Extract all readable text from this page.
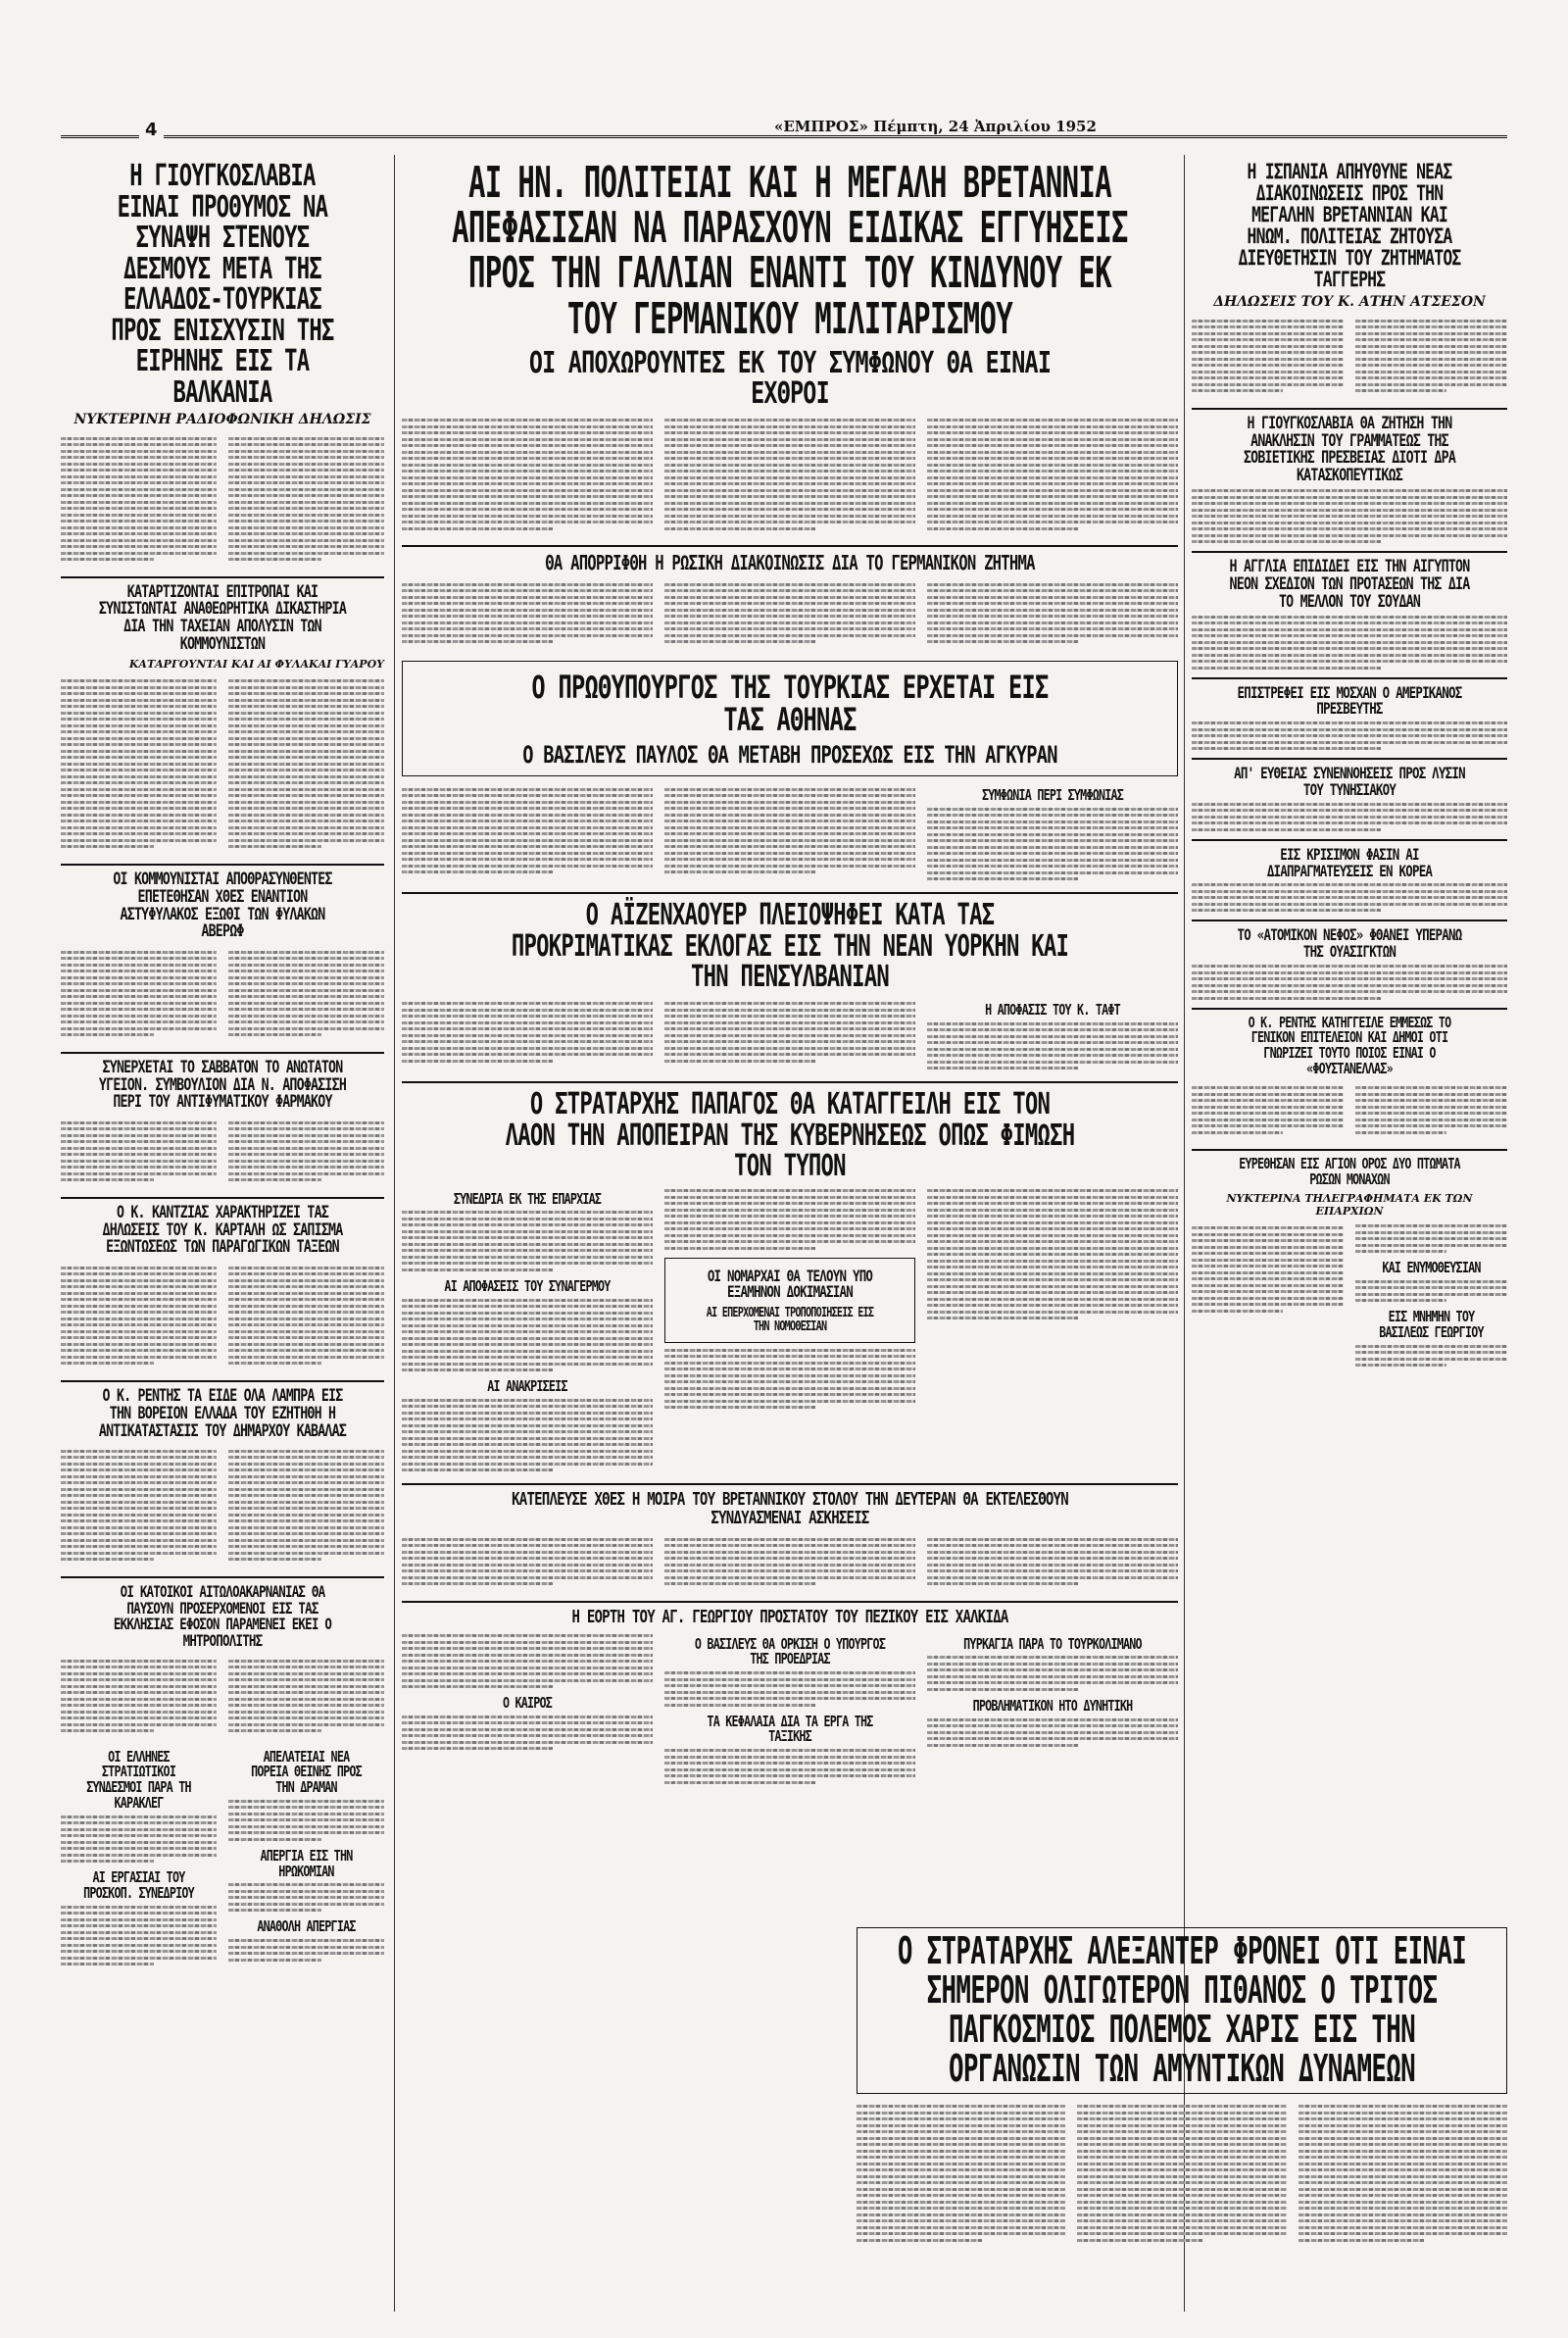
4	«ΕΜΠΡΟΣ» Πέμπτη, 24 Ἀπριλίου 1952
Η ΓΙΟΥΓΚΟΣΛΑΒΙΑ ΕΙΝΑΙ ΠΡΟΘΥΜΟΣ ΝΑ ΣΥΝΑΨΗ ΣΤΕΝΟΥΣ ΔΕΣΜΟΥΣ ΜΕΤΑ ΤΗΣ ΕΛΛΑΔΟΣ-ΤΟΥΡΚΙΑΣ ΠΡΟΣ ΕΝΙΣΧΥΣΙΝ ΤΗΣ ΕΙΡΗΝΗΣ ΕΙΣ ΤΑ ΒΑΛΚΑΝΙΑ
ΝΥΚΤΕΡΙΝΗ ΡΑΔΙΟΦΩΝΙΚΗ ΔΗΛΩΣΙΣ
ΚΑΤΑΡΤΙΖΟΝΤΑΙ ΕΠΙΤΡΟΠΑΙ ΚΑΙ ΣΥΝΙΣΤΩΝΤΑΙ ΑΝΑΘΕΩΡΗΤΙΚΑ ΔΙΚΑΣΤΗΡΙΑ ΔΙΑ ΤΗΝ ΤΑΧΕΙΑΝ ΑΠΟΛΥΣΙΝ ΤΩΝ ΚΟΜΜΟΥΝΙΣΤΩΝ
ΚΑΤΑΡΓΟΥΝΤΑΙ ΚΑΙ ΑΙ ΦΥΛΑΚΑΙ ΓΥΑΡΟΥ
ΟΙ ΚΟΜΜΟΥΝΙΣΤΑΙ ΑΠΟΘΡΑΣΥΝΘΕΝΤΕΣ ΕΠΕΤΕΘΗΣΑΝ ΧΘΕΣ ΕΝΑΝΤΙΟΝ ΑΣΤΥΦΥΛΑΚΟΣ ΕΞΩΘΙ ΤΩΝ ΦΥΛΑΚΩΝ ΑΒΕΡΩΦ
ΣΥΝΕΡΧΕΤΑΙ ΤΟ ΣΑΒΒΑΤΟΝ ΤΟ ΑΝΩΤΑΤΟΝ ΥΓΕΙΟΝ. ΣΥΜΒΟΥΛΙΟΝ ΔΙΑ Ν. ΑΠΟΦΑΣΙΣΗ ΠΕΡΙ ΤΟΥ ΑΝΤΙΦΥΜΑΤΙΚΟΥ ΦΑΡΜΑΚΟΥ
Ο Κ. ΚΑΝΤΖΙΑΣ ΧΑΡΑΚΤΗΡΙΖΕΙ ΤΑΣ ΔΗΛΩΣΕΙΣ ΤΟΥ Κ. ΚΑΡΤΑΛΗ ΩΣ ΣΑΠΙΣΜΑ ΕΞΩΝΤΩΣΕΩΣ ΤΩΝ ΠΑΡΑΓΩΓΙΚΩΝ ΤΑΞΕΩΝ
Ο Κ. ΡΕΝΤΗΣ ΤΑ ΕΙΔΕ ΟΛΑ ΛΑΜΠΡΑ ΕΙΣ ΤΗΝ ΒΟΡΕΙΟΝ ΕΛΛΑΔΑ ΤΟΥ ΕΖΗΤΗΘΗ Η ΑΝΤΙΚΑΤΑΣΤΑΣΙΣ ΤΟΥ ΔΗΜΑΡΧΟΥ ΚΑΒΑΛΑΣ
ΟΙ ΚΑΤΟΙΚΟΙ ΑΙΤΩΛΟΑΚΑΡΝΑΝΙΑΣ ΘΑ ΠΑΥΣΟΥΝ ΠΡΟΣΕΡΧΟΜΕΝΟΙ ΕΙΣ ΤΑΣ ΕΚΚΛΗΣΙΑΣ ΕΦΟΣΟΝ ΠΑΡΑΜΕΝΕΙ ΕΚΕΙ Ο ΜΗΤΡΟΠΟΛΙΤΗΣ
ΟΙ ΕΛΛΗΝΕΣ ΣΤΡΑΤΙΩΤΙΚΟΙ ΣΥΝΔΕΣΜΟΙ ΠΑΡΑ ΤΗ ΚΑΡΑΚΛΕΓ
ΑΙ ΕΡΓΑΣΙΑΙ ΤΟΥ ΠΡΟΣΚΟΠ. ΣΥΝΕΔΡΙΟΥ
ΑΠΕΛΑΤΕΙΑΙ ΝΕΑ ΠΟΡΕΙΑ ΘΕΙΝΗΣ ΠΡΟΣ ΤΗΝ ΔΡΑΜΑΝ
ΑΠΕΡΓΙΑ ΕΙΣ ΤΗΝ ΗΡΩΚΟΜΙΑΝ
ΑΝΑΘΟΛΗ ΑΠΕΡΓΙΑΣ
ΑΙ ΗΝ. ΠΟΛΙΤΕΙΑΙ ΚΑΙ Η ΜΕΓΑΛΗ ΒΡΕΤΑΝΝΙΑ ΑΠΕΦΑΣΙΣΑΝ ΝΑ ΠΑΡΑΣΧΟΥΝ ΕΙΔΙΚΑΣ ΕΓΓΥΗΣΕΙΣ ΠΡΟΣ ΤΗΝ ΓΑΛΛΙΑΝ ΕΝΑΝΤΙ ΤΟΥ ΚΙΝΔΥΝΟΥ ΕΚ ΤΟΥ ΓΕΡΜΑΝΙΚΟΥ ΜΙΛΙΤΑΡΙΣΜΟΥ
ΟΙ ΑΠΟΧΩΡΟΥΝΤΕΣ ΕΚ ΤΟΥ ΣΥΜΦΩΝΟΥ ΘΑ ΕΙΝΑΙ ΕΧΘΡΟΙ
ΘΑ ΑΠΟΡΡΙΦΘΗ Η ΡΩΣΙΚΗ ΔΙΑΚΟΙΝΩΣΙΣ ΔΙΑ ΤΟ ΓΕΡΜΑΝΙΚΟΝ ΖΗΤΗΜΑ
Ο ΠΡΩΘΥΠΟΥΡΓΟΣ ΤΗΣ ΤΟΥΡΚΙΑΣ ΕΡΧΕΤΑΙ ΕΙΣ ΤΑΣ ΑΘΗΝΑΣ
Ο ΒΑΣΙΛΕΥΣ ΠΑΥΛΟΣ ΘΑ ΜΕΤΑΒΗ ΠΡΟΣΕΧΩΣ ΕΙΣ ΤΗΝ ΑΓΚΥΡΑΝ
ΣΥΜΦΩΝΙΑ ΠΕΡΙ ΣΥΜΦΩΝΙΑΣ
Ο ΑΪΖΕΝΧΑΟΥΕΡ ΠΛΕΙΟΨΗΦΕΙ ΚΑΤΑ ΤΑΣ ΠΡΟΚΡΙΜΑΤΙΚΑΣ ΕΚΛΟΓΑΣ ΕΙΣ ΤΗΝ ΝΕΑΝ ΥΟΡΚΗΝ ΚΑΙ ΤΗΝ ΠΕΝΣΥΛΒΑΝΙΑΝ
Η ΑΠΟΦΑΣΙΣ ΤΟΥ Κ. ΤΑΦΤ
Ο ΣΤΡΑΤΑΡΧΗΣ ΠΑΠΑΓΟΣ ΘΑ ΚΑΤΑΓΓΕΙΛΗ ΕΙΣ ΤΟΝ ΛΑΟΝ ΤΗΝ ΑΠΟΠΕΙΡΑΝ ΤΗΣ ΚΥΒΕΡΝΗΣΕΩΣ ΟΠΩΣ ΦΙΜΩΣΗ ΤΟΝ ΤΥΠΟΝ
ΣΥΝΕΔΡΙΑ ΕΚ ΤΗΣ ΕΠΑΡΧΙΑΣ
ΑΙ ΑΠΟΦΑΣΕΙΣ ΤΟΥ ΣΥΝΑΓΕΡΜΟΥ
ΑΙ ΑΝΑΚΡΙΣΕΙΣ
ΟΙ ΝΟΜΑΡΧΑΙ ΘΑ ΤΕΛΟΥΝ ΥΠΟ ΕΞΑΜΗΝΟΝ ΔΟΚΙΜΑΣΙΑΝ
ΑΙ ΕΠΕΡΧΟΜΕΝΑΙ ΤΡΟΠΟΠΟΙΗΣΕΙΣ ΕΙΣ ΤΗΝ ΝΟΜΟΘΕΣΙΑΝ
ΚΑΤΕΠΛΕΥΣΕ ΧΘΕΣ Η ΜΟΙΡΑ ΤΟΥ ΒΡΕΤΑΝΝΙΚΟΥ ΣΤΟΛΟΥ ΤΗΝ ΔΕΥΤΕΡΑΝ ΘΑ ΕΚΤΕΛΕΣΘΟΥΝ ΣΥΝΔΥΑΣΜΕΝΑΙ ΑΣΚΗΣΕΙΣ
Η ΕΟΡΤΗ ΤΟΥ ΑΓ. ΓΕΩΡΓΙΟΥ ΠΡΟΣΤΑΤΟΥ ΤΟΥ ΠΕΖΙΚΟΥ ΕΙΣ ΧΑΛΚΙΔΑ
Ο ΚΑΙΡΟΣ
Ο ΒΑΣΙΛΕΥΣ ΘΑ ΟΡΚΙΣΗ Ο ΥΠΟΥΡΓΟΣ ΤΗΣ ΠΡΟΕΔΡΙΑΣ
ΤΑ ΚΕΦΑΛΑΙΑ ΔΙΑ ΤΑ ΕΡΓΑ ΤΗΣ ΤΑΞΙΚΗΣ
ΠΥΡΚΑΓΙΑ ΠΑΡΑ ΤΟ ΤΟΥΡΚΟΛΙΜΑΝΟ
ΠΡΟΒΛΗΜΑΤΙΚΟΝ ΗΤΟ ΔΥΝΗΤΙΚΗ
Η ΙΣΠΑΝΙΑ ΑΠΗΥΘΥΝΕ ΝΕΑΣ ΔΙΑΚΟΙΝΩΣΕΙΣ ΠΡΟΣ ΤΗΝ ΜΕΓΑΛΗΝ ΒΡΕΤΑΝΝΙΑΝ ΚΑΙ ΗΝΩΜ. ΠΟΛΙΤΕΙΑΣ ΖΗΤΟΥΣΑ ΔΙΕΥΘΕΤΗΣΙΝ ΤΟΥ ΖΗΤΗΜΑΤΟΣ ΤΑΓΓΕΡΗΣ
ΔΗΛΩΣΕΙΣ ΤΟΥ Κ. ΑΤΗΝ ΑΤΣΕΣΟΝ
Η ΓΙΟΥΓΚΟΣΛΑΒΙΑ ΘΑ ΖΗΤΗΣΗ ΤΗΝ ΑΝΑΚΛΗΣΙΝ ΤΟΥ ΓΡΑΜΜΑΤΕΩΣ ΤΗΣ ΣΟΒΙΕΤΙΚΗΣ ΠΡΕΣΒΕΙΑΣ ΔΙΟΤΙ ΔΡΑ ΚΑΤΑΣΚΟΠΕΥΤΙΚΩΣ
Η ΑΓΓΛΙΑ ΕΠΙΔΙΔΕΙ ΕΙΣ ΤΗΝ ΑΙΓΥΠΤΟΝ ΝΕΟΝ ΣΧΕΔΙΟΝ ΤΩΝ ΠΡΟΤΑΣΕΩΝ ΤΗΣ ΔΙΑ ΤΟ ΜΕΛΛΟΝ ΤΟΥ ΣΟΥΔΑΝ
ΕΠΙΣΤΡΕΦΕΙ ΕΙΣ ΜΟΣΧΑΝ Ο ΑΜΕΡΙΚΑΝΟΣ ΠΡΕΣΒΕΥΤΗΣ
ΑΠ' ΕΥΘΕΙΑΣ ΣΥΝΕΝΝΟΗΣΕΙΣ ΠΡΟΣ ΛΥΣΙΝ ΤΟΥ ΤΥΝΗΣΙΑΚΟΥ
ΕΙΣ ΚΡΙΣΙΜΟΝ ΦΑΣΙΝ ΑΙ ΔΙΑΠΡΑΓΜΑΤΕΥΣΕΙΣ ΕΝ ΚΟΡΕΑ
ΤΟ «ΑΤΟΜΙΚΟΝ ΝΕΦΟΣ» ΦΘΑΝΕΙ ΥΠΕΡΑΝΩ ΤΗΣ ΟΥΑΣΙΓΚΤΩΝ
Ο Κ. ΡΕΝΤΗΣ ΚΑΤΗΓΓΕΙΛΕ ΕΜΜΕΣΩΣ ΤΟ ΓΕΝΙΚΟΝ ΕΠΙΤΕΛΕΙΟΝ ΚΑΙ ΔΗΜΟΙ ΟΤΙ ΓΝΩΡΙΖΕΙ ΤΟΥΤΟ ΠΟΙΟΣ ΕΙΝΑΙ Ο «ΦΟΥΣΤΑΝΕΛΛΑΣ»
ΕΥΡΕΘΗΣΑΝ ΕΙΣ ΑΓΙΟΝ ΟΡΟΣ ΔΥΟ ΠΤΩΜΑΤΑ ΡΩΣΩΝ ΜΟΝΑΧΩΝ
ΝΥΚΤΕΡΙΝΑ ΤΗΛΕΓΡΑΦΗΜΑΤΑ ΕΚ ΤΩΝ ΕΠΑΡΧΙΩΝ
ΚΑΙ ΕΝΥΜΟΘΕΥΣΙΑΝ
ΕΙΣ ΜΝΗΜΗΝ ΤΟΥ ΒΑΣΙΛΕΩΣ ΓΕΩΡΓΙΟΥ
Ο ΣΤΡΑΤΑΡΧΗΣ ΑΛΕΞΑΝΤΕΡ ΦΡΟΝΕΙ ΟΤΙ ΕΙΝΑΙ ΣΗΜΕΡΟΝ ΟΛΙΓΩΤΕΡΟΝ ΠΙΘΑΝΟΣ Ο ΤΡΙΤΟΣ ΠΑΓΚΟΣΜΙΟΣ ΠΟΛΕΜΟΣ ΧΑΡΙΣ ΕΙΣ ΤΗΝ ΟΡΓΑΝΩΣΙΝ ΤΩΝ ΑΜΥΝΤΙΚΩΝ ΔΥΝΑΜΕΩΝ
